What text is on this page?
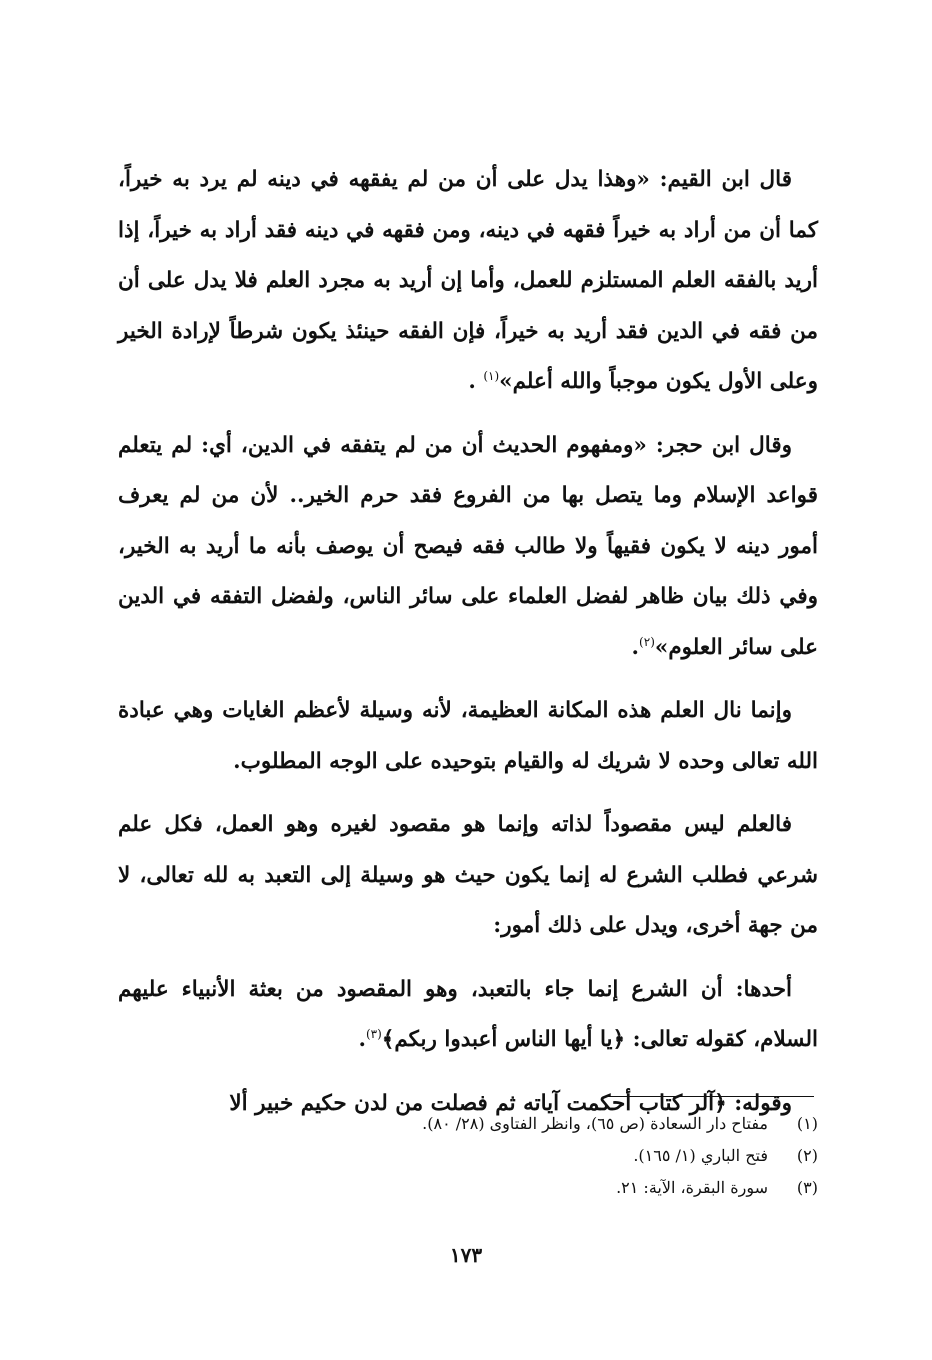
قال ابن القيم: «وهذا يدل على أن من لم يفقهه في دينه لم يرد به خيراً، كما أن من أراد به خيراً فقهه في دينه، ومن فقهه في دينه فقد أراد به خيراً، إذا أريد بالفقه العلم المستلزم للعمل، وأما إن أريد به مجرد العلم فلا يدل على أن من فقه في الدين فقد أريد به خيراً، فإن الفقه حينئذ يكون شرطاً لإرادة الخير وعلى الأول يكون موجباً والله أعلم»$^{(١)}$ .

وقال ابن حجر: «ومفهوم الحديث أن من لم يتفقه في الدين، أي: لم يتعلم قواعد الإسلام وما يتصل بها من الفروع فقد حرم الخير.. لأن من لم يعرف أمور دينه لا يكون فقيهاً ولا طالب فقه فيصح أن يوصف بأنه ما أريد به الخير، وفي ذلك بيان ظاهر لفضل العلماء على سائر الناس، ولفضل التفقه في الدين على سائر العلوم»$^{(٢)}$.

وإنما نال العلم هذه المكانة العظيمة، لأنه وسيلة لأعظم الغايات وهي عبادة الله تعالى وحده لا شريك له والقيام بتوحيده على الوجه المطلوب.

فالعلم ليس مقصوداً لذاته وإنما هو مقصود لغيره وهو العمل، فكل علم شرعي فطلب الشرع له إنما يكون حيث هو وسيلة إلى التعبد به لله تعالى، لا من جهة أخرى، ويدل على ذلك أمور:

أحدها: أن الشرع إنما جاء بالتعبد، وهو المقصود من بعثة الأنبياء عليهم السلام، كقوله تعالى: ﴿يا أيها الناس أعبدوا ربكم﴾$^{(٣)}$.

وقوله: ﴿آلر كتاب أحكمت آياته ثم فصلت من لدن حكيم خبير ألا

(١)مفتاح دار السعادة (ص ٦٥)، وانظر الفتاوى (٢٨/ ٨٠).
(٢)فتح الباري (١/ ١٦٥).
(٣)سورة البقرة، الآية: ٢١.
١٧٣
